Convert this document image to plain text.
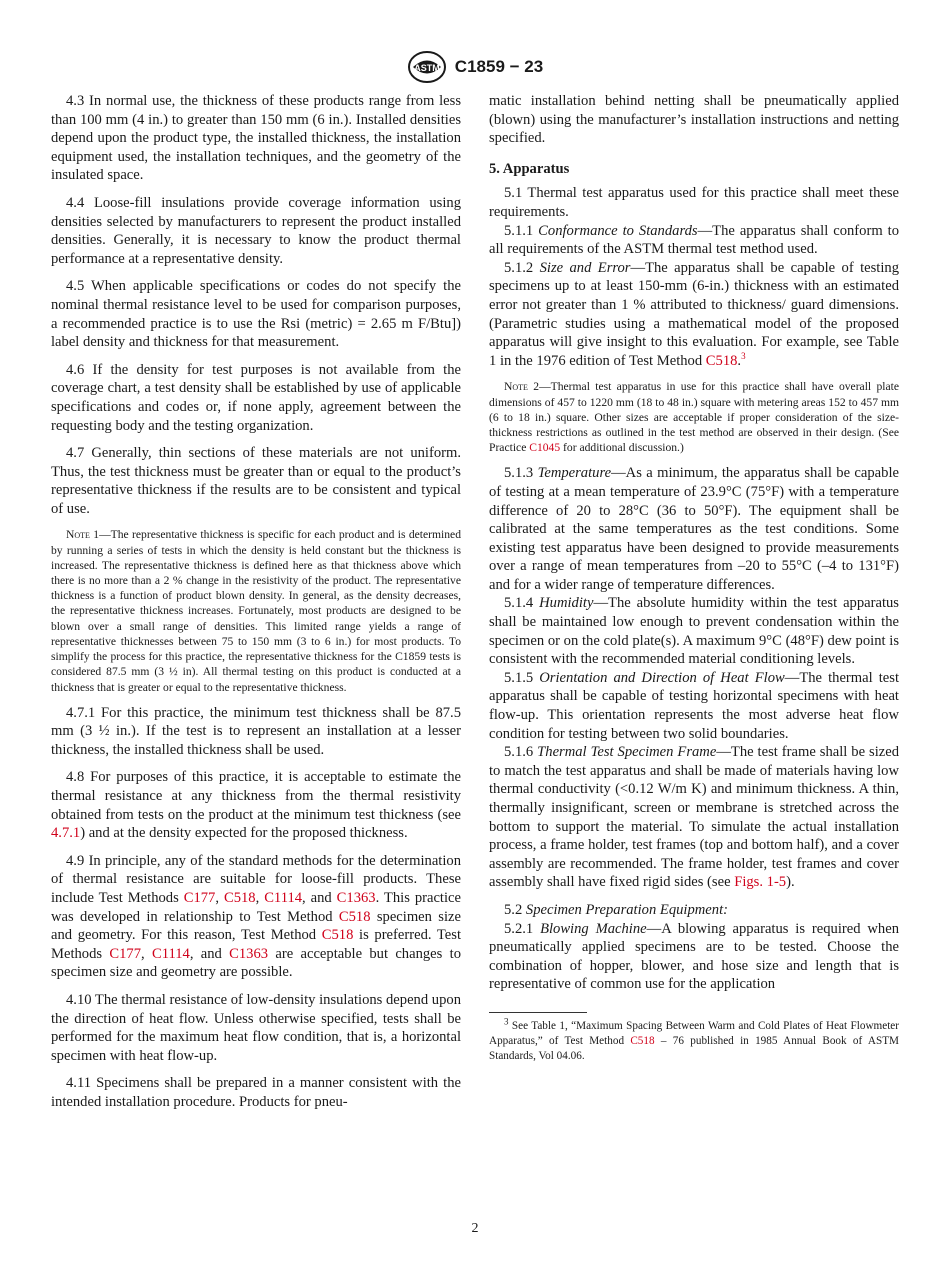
ASTM C1859 − 23

4.3 In normal use, the thickness of these products range from less than 100 mm (4 in.) to greater than 150 mm (6 in.). Installed densities depend upon the product type, the installed thickness, the installation equipment used, the installation techniques, and the geometry of the insulated space.

4.4 Loose-fill insulations provide coverage information using densities selected by manufacturers to represent the product installed densities. Generally, it is necessary to know the product thermal performance at a representative density.

4.5 When applicable specifications or codes do not specify the nominal thermal resistance level to be used for comparison purposes, a recommended practice is to use the Rsi (metric) = 2.65 m F/Btu]) label density and thickness for that measurement.

4.6 If the density for test purposes is not available from the coverage chart, a test density shall be established by use of applicable specifications and codes or, if none apply, agreement between the requesting body and the testing organization.

4.7 Generally, thin sections of these materials are not uniform. Thus, the test thickness must be greater than or equal to the product’s representative thickness if the results are to be consistent and typical of use.

Note 1—The representative thickness is specific for each product and is determined by running a series of tests in which the density is held constant but the thickness is increased. The representative thickness is defined here as that thickness above which there is no more than a 2 % change in the resistivity of the product. The representative thickness is a function of product blown density. In general, as the density decreases, the representative thickness increases. Fortunately, most products are designed to be blown over a small range of densities. This limited range yields a range of representative thicknesses between 75 to 150 mm (3 to 6 in.) for most products. To simplify the process for this practice, the representative thickness for the C1859 tests is considered 87.5 mm (3 ½ in). All thermal testing on this product is conducted at a thickness that is greater or equal to the representative thickness.

4.7.1 For this practice, the minimum test thickness shall be 87.5 mm (3 ½ in.). If the test is to represent an installation at a lesser thickness, the installed thickness shall be used.

4.8 For purposes of this practice, it is acceptable to estimate the thermal resistance at any thickness from the thermal resistivity obtained from tests on the product at the minimum test thickness (see 4.7.1) and at the density expected for the proposed thickness.

4.9 In principle, any of the standard methods for the determination of thermal resistance are suitable for loose-fill products. These include Test Methods C177, C518, C1114, and C1363. This practice was developed in relationship to Test Method C518 specimen size and geometry. For this reason, Test Method C518 is preferred. Test Methods C177, C1114, and C1363 are acceptable but changes to specimen size and geometry are possible.

4.10 The thermal resistance of low-density insulations depend upon the direction of heat flow. Unless otherwise specified, tests shall be performed for the maximum heat flow condition, that is, a horizontal specimen with heat flow-up.

4.11 Specimens shall be prepared in a manner consistent with the intended installation procedure. Products for pneu-

matic installation behind netting shall be pneumatically applied (blown) using the manufacturer’s installation instructions and netting specified.

5. Apparatus

5.1 Thermal test apparatus used for this practice shall meet these requirements.

5.1.1 Conformance to Standards—The apparatus shall conform to all requirements of the ASTM thermal test method used.

5.1.2 Size and Error—The apparatus shall be capable of testing specimens up to at least 150-mm (6-in.) thickness with an estimated error not greater than 1 % attributed to thickness/ guard dimensions. (Parametric studies using a mathematical model of the proposed apparatus will give insight to this evaluation. For example, see Table 1 in the 1976 edition of Test Method C518.$^3$

Note 2—Thermal test apparatus in use for this practice shall have overall plate dimensions of 457 to 1220 mm (18 to 48 in.) square with metering areas 152 to 457 mm (6 to 18 in.) square. Other sizes are acceptable if proper consideration of the size-thickness restrictions as outlined in the test method are observed in their design. (See Practice C1045 for additional discussion.)

5.1.3 Temperature—As a minimum, the apparatus shall be capable of testing at a mean temperature of 23.9°C (75°F) with a temperature difference of 20 to 28°C (36 to 50°F). The equipment shall be calibrated at the same temperatures as the test conditions. Some existing test apparatus have been designed to provide measurements over a range of mean temperatures from –20 to 55°C (–4 to 131°F) and for a wider range of temperature differences.

5.1.4 Humidity—The absolute humidity within the test apparatus shall be maintained low enough to prevent condensation within the specimen or on the cold plate(s). A maximum 9°C (48°F) dew point is consistent with the recommended material conditioning levels.

5.1.5 Orientation and Direction of Heat Flow—The thermal test apparatus shall be capable of testing horizontal specimens with heat flow-up. This orientation represents the most adverse heat flow condition for testing between two solid boundaries.

5.1.6 Thermal Test Specimen Frame—The test frame shall be sized to match the test apparatus and shall be made of materials having low thermal conductivity (<0.12 W/m K) and minimum thickness. A thin, thermally insignificant, screen or membrane is stretched across the bottom to support the material. To simulate the actual installation process, a frame holder, test frames (top and bottom half), and a cover assembly are recommended. The frame holder, test frames and cover assembly shall have fixed rigid sides (see Figs. 1-5).

5.2 Specimen Preparation Equipment:

5.2.1 Blowing Machine—A blowing apparatus is required when pneumatically applied specimens are to be tested. Choose the combination of hopper, blower, and hose size and length that is representative of common use for the application

$^3$ See Table 1, “Maximum Spacing Between Warm and Cold Plates of Heat Flowmeter Apparatus,” of Test Method C518 – 76 published in 1985 Annual Book of ASTM Standards, Vol 04.06.
2
